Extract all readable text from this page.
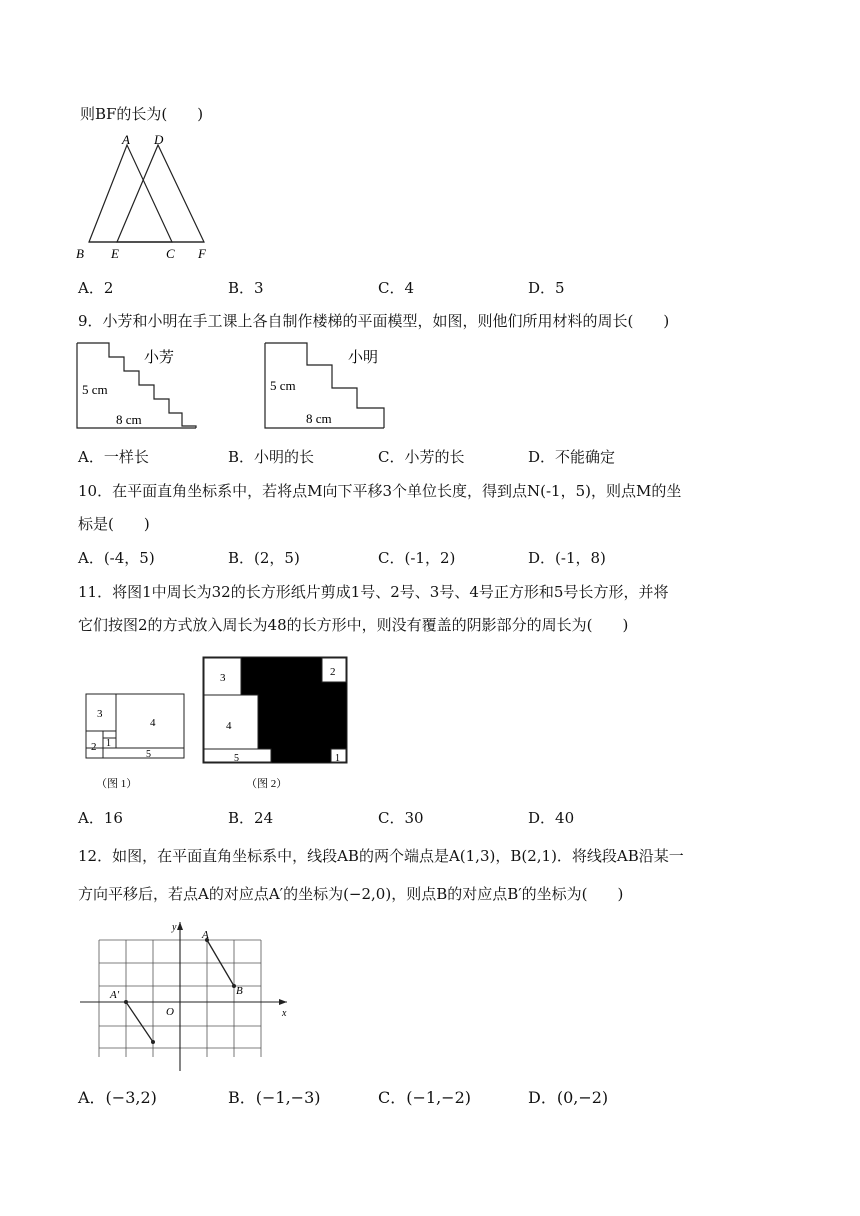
则BF的长为(　　)
A D
B E	C F
A．2	B．3	C．4	D．5
9．小芳和小明在手工课上各自制作楼梯的平面模型，如图，则他们所用材料的周长(　　)
小芳
5 cm
8 cm
小明
5 cm
8 cm
A．一样长	B．小明的长	C．小芳的长	D．不能确定
10．在平面直角坐标系中，若将点M向下平移3个单位长度，得到点N(-1，5)，则点M的坐
标是(　　)
A．(-4，5)	B．(2，5)	C．(-1，2)	D．(-1，8)
11．将图1中周长为32的长方形纸片剪成1号、2号、3号、4号正方形和5号长方形，并将
它们按图2的方式放入周长为48的长方形中，则没有覆盖的阴影部分的周长为(　　)
3
4
2 1
5
（图 1）
3	2
4
5	1
（图 2）
A．16	B．24	C．30	D．40
12．如图，在平面直角坐标系中，线段AB的两个端点是A(1,3)，B(2,1)．将线段AB沿某一
方向平移后，若点A的对应点A′的坐标为(−2,0)，则点B的对应点B′的坐标为(　　)
y
x
O
A
B
A′
A．(−3,2)	B．(−1,−3)	C．(−1,−2)	D．(0,−2)
